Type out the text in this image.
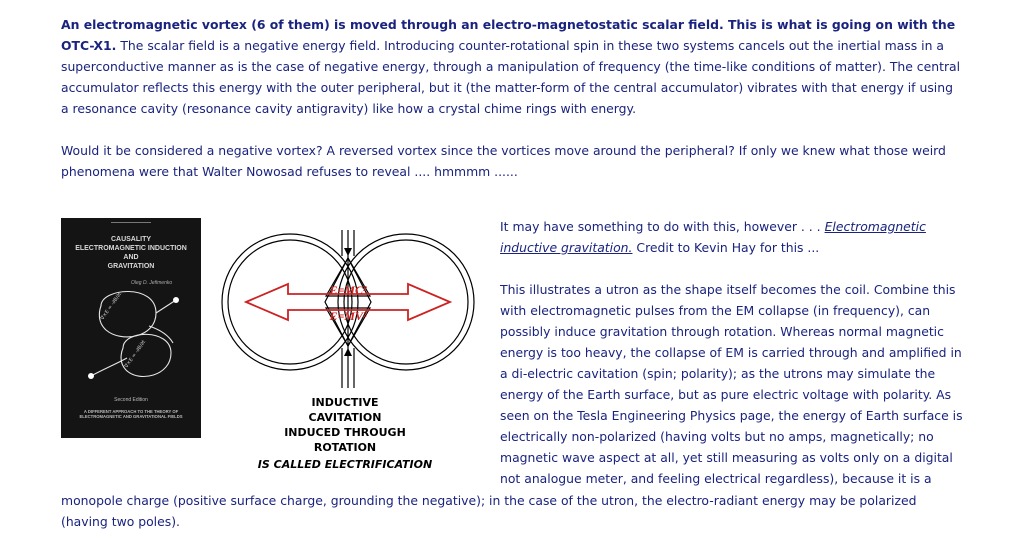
An electromagnetic vortex (6 of them) is moved through an electro-magnetostatic scalar field. This is what is going on with the OTC-X1. The scalar field is a negative energy field. Introducing counter-rotational spin in these two systems cancels out the inertial mass in a superconductive manner as is the case of negative energy, through a manipulation of frequency (the time-like conditions of matter). The central accumulator reflects this energy with the outer peripheral, but it (the matter-form of the central accumulator) vibrates with that energy if using a resonance cavity (resonance cavity antigravity) like how a crystal chime rings with energy.
Would it be considered a negative vortex? A reversed vortex since the vortices move around the peripheral? If only we knew what those weird phenomena were that Walter Nowosad refuses to reveal .... hmmmm ......
CAUSALITY
ELECTROMAGNETIC INDUCTION
AND
GRAVITATION
Oleg D. Jefimenko
∇×E = -∂B/∂t
∇×E = -∂B/∂t
Second Edition
A DIFFERENT APPROACH TO THE THEORY OF
ELECTROMAGNETIC AND GRAVITATIONAL FIELDS
E=MC²
E=MV²
INDUCTIVE
CAVITATION
INDUCED THROUGH
ROTATION
IS CALLED ELECTRIFICATION

It may have something to do with this, however . . . Electromagnetic inductive gravitation. Credit to Kevin Hay for this ...

This illustrates a utron as the shape itself becomes the coil. Combine this with electromagnetic pulses from the EM collapse (in frequency), can possibly induce gravitation through rotation. Whereas normal magnetic energy is too heavy, the collapse of EM is carried through and amplified in a di-electric cavitation (spin; polarity); as the utrons may simulate the energy of the Earth surface, but as pure electric voltage with polarity. As seen on the Tesla Engineering Physics page, the energy of Earth surface is electrically non-polarized (having volts but no amps, magnetically; no magnetic wave aspect at all, yet still measuring as volts only on a digital not analogue meter, and feeling electrical regardless), because it is a

monopole charge (positive surface charge, grounding the negative); in the case of the utron, the electro-radiant energy may be polarized (having two poles).
